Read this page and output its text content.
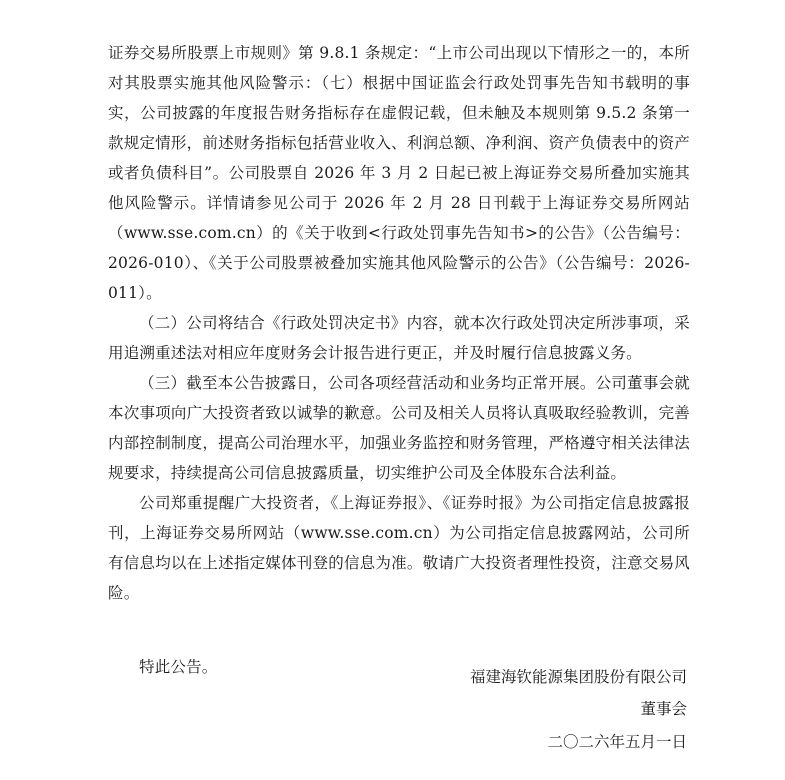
证券交易所股票上市规则》第 9.8.1 条规定：“上市公司出现以下情形之一的，本所对其股票实施其他风险警示：（七）根据中国证监会行政处罚事先告知书载明的事实，公司披露的年度报告财务指标存在虚假记载，但未触及本规则第 9.5.2 条第一款规定情形，前述财务指标包括营业收入、利润总额、净利润、资产负债表中的资产或者负债科目”。公司股票自 2026 年 3 月 2 日起已被上海证券交易所叠加实施其他风险警示。详情请参见公司于 2026 年 2 月 28 日刊载于上海证券交易所网站（www.sse.com.cn）的《关于收到<行政处罚事先告知书>的公告》（公告编号：2026-010）、《关于公司股票被叠加实施其他风险警示的公告》（公告编号：2026-011）。

（二）公司将结合《行政处罚决定书》内容，就本次行政处罚决定所涉事项，采用追溯重述法对相应年度财务会计报告进行更正，并及时履行信息披露义务。

（三）截至本公告披露日，公司各项经营活动和业务均正常开展。公司董事会就本次事项向广大投资者致以诚挚的歉意。公司及相关人员将认真吸取经验教训，完善内部控制制度，提高公司治理水平，加强业务监控和财务管理，严格遵守相关法律法规要求，持续提高公司信息披露质量，切实维护公司及全体股东合法利益。

公司郑重提醒广大投资者，《上海证券报》、《证券时报》为公司指定信息披露报刊，上海证券交易所网站（www.sse.com.cn）为公司指定信息披露网站，公司所有信息均以在上述指定媒体刊登的信息为准。敬请广大投资者理性投资，注意交易风险。

特此公告。

福建海钦能源集团股份有限公司
董事会
二〇二六年五月一日
